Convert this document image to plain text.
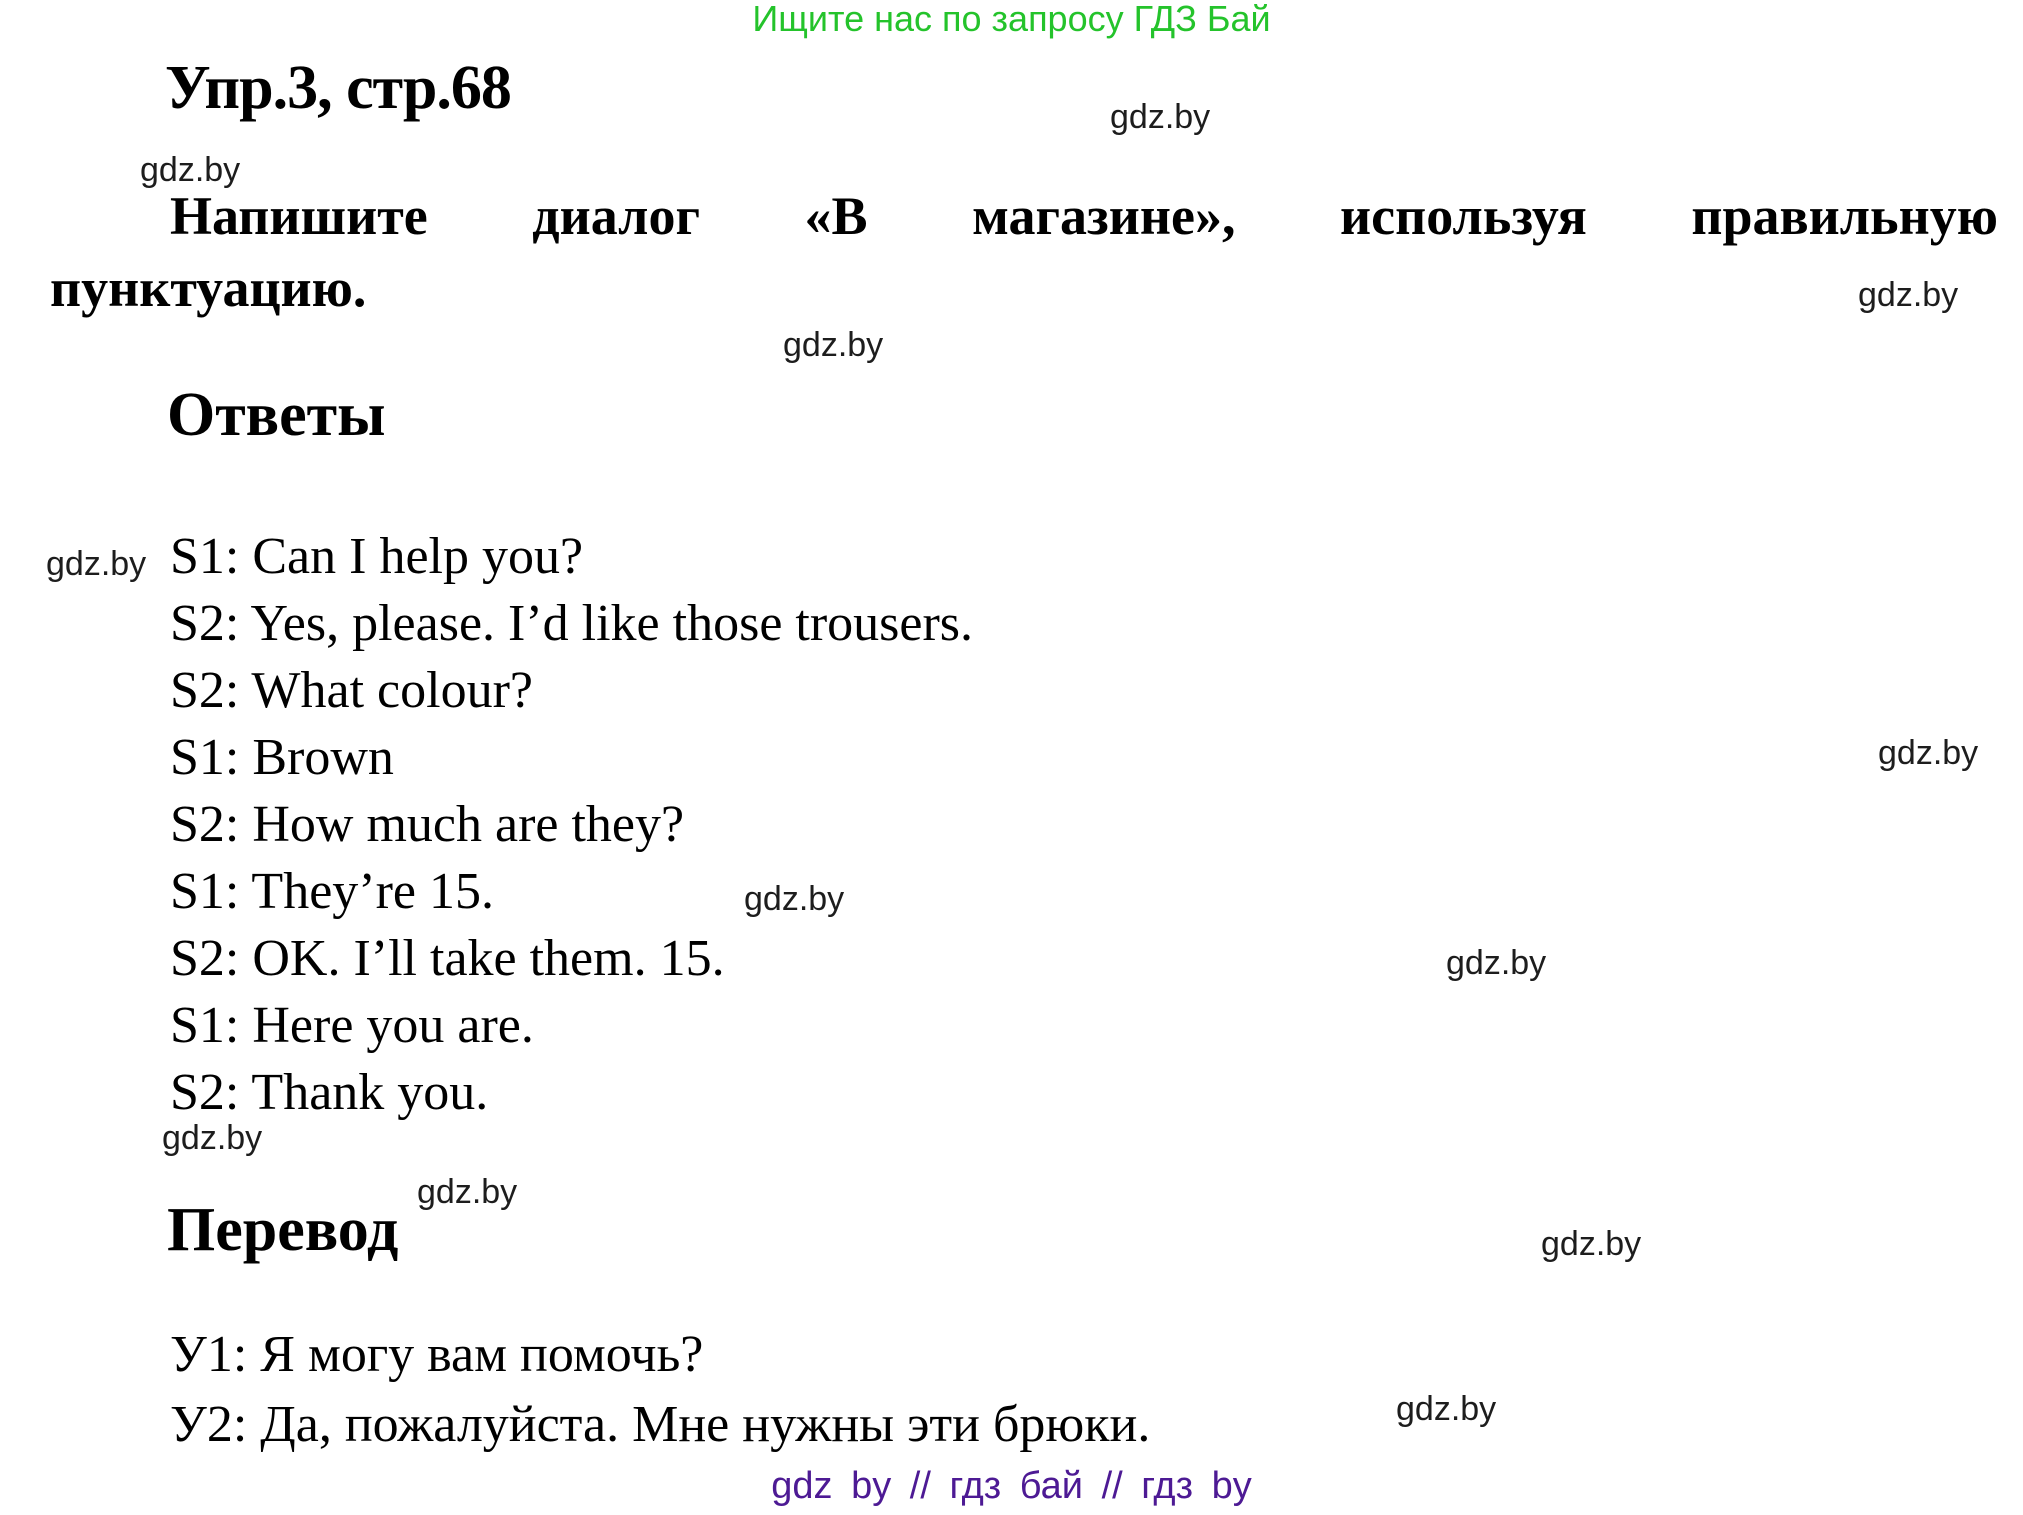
Ищите нас по запросу ГДЗ Бай
Упр.3, стр.68
Напишите диалог «В магазине», используя правильную
пунктуацию.
Ответы
S1: Can I help you?
S2: Yes, please. I’d like those trousers.
S2: What colour?
S1: Brown
S2: How much are they?
S1: They’re 15.
S2: OK. I’ll take them. 15.
S1: Here you are.
S2: Thank you.
Перевод
У1: Я могу вам помочь?
У2: Да, пожалуйста. Мне нужны эти брюки.
gdz.by
gdz.by
gdz.by
gdz.by
gdz.by
gdz.by
gdz.by
gdz.by
gdz.by
gdz.by
gdz.by
gdz.by
gdz by // гдз бай // гдз by
